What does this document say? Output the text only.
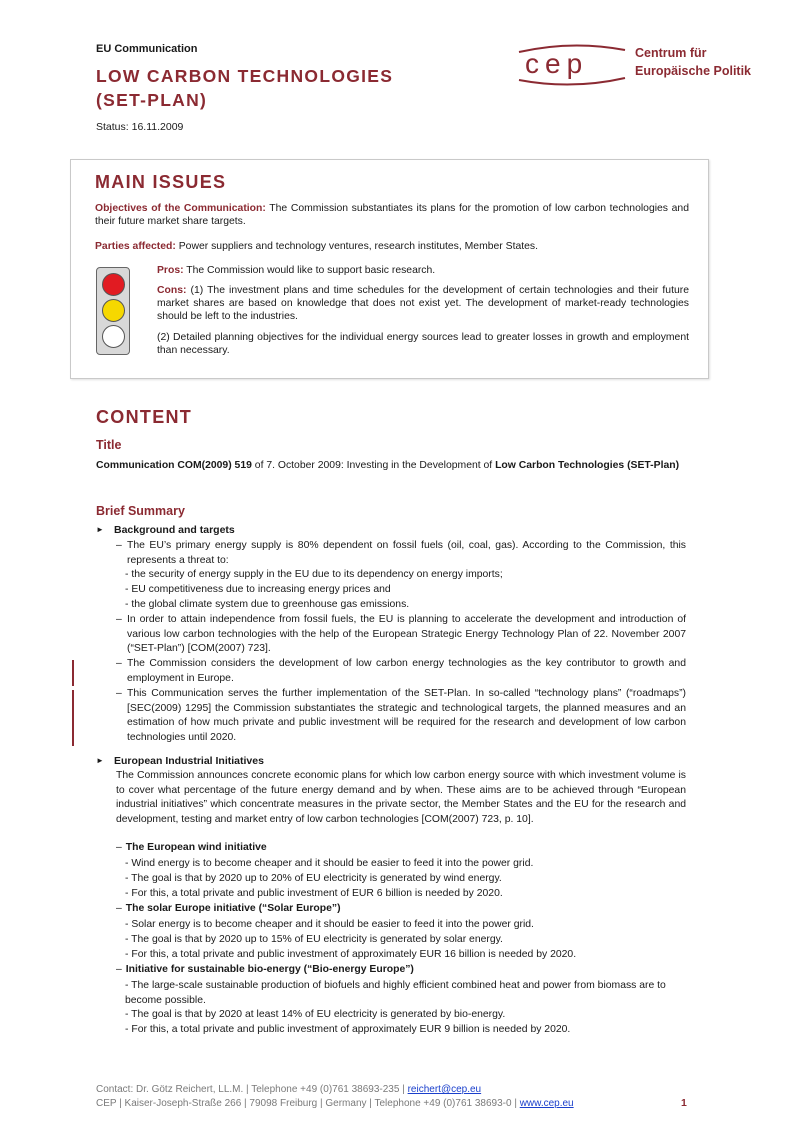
EU Communication
LOW CARBON TECHNOLOGIES
(SET-PLAN)
Status: 16.11.2009
cep	Centrum für
Europäische Politik
MAIN ISSUES
Objectives of the Communication: The Commission substantiates its plans for the promotion of low carbon technologies and their future market share targets.
Parties affected: Power suppliers and technology ventures, research institutes, Member States.
Pros: The Commission would like to support basic research.
Cons: (1) The investment plans and time schedules for the development of certain technologies and their future market shares are based on knowledge that does not exist yet. The development of market-ready technologies should be left to the industries.
(2) Detailed planning objectives for the individual energy sources lead to greater losses in growth and employment than necessary.
CONTENT
Title
Communication COM(2009) 519 of 7. October 2009: Investing in the Development of Low Carbon Technologies (SET-Plan)
Brief Summary
► Background and targets
– The EU’s primary energy supply is 80% dependent on fossil fuels (oil, coal, gas). According to the Commission, this represents a threat to:
- the security of energy supply in the EU due to its dependency on energy imports;
- EU competitiveness due to increasing energy prices and
- the global climate system due to greenhouse gas emissions.
– In order to attain independence from fossil fuels, the EU is planning to accelerate the development and introduction of various low carbon technologies with the help of the European Strategic Energy Technology Plan of 22. November 2007 (“SET-Plan”) [COM(2007) 723].
– The Commission considers the development of low carbon energy technologies as the key contributor to growth and employment in Europe.
– This Communication serves the further implementation of the SET-Plan. In so-called “technology plans” (“roadmaps”) [SEC(2009) 1295] the Commission substantiates the strategic and technological targets, the planned measures and an estimation of how much private and public investment will be required for the research and development of low carbon technologies until 2020.
► European Industrial Initiatives
The Commission announces concrete economic plans for which low carbon energy source with which investment volume is to cover what percentage of the future energy demand and by when. These aims are to be achieved through “European industrial initiatives” which concentrate measures in the private sector, the Member States and the EU for the research and development, testing and market entry of low carbon technologies [COM(2007) 723, p. 10].
– The European wind initiative
- Wind energy is to become cheaper and it should be easier to feed it into the power grid.
- The goal is that by 2020 up to 20% of EU electricity is generated by wind energy.
- For this, a total private and public investment of EUR 6 billion is needed by 2020.
– The solar Europe initiative (“Solar Europe”)
- Solar energy is to become cheaper and it should be easier to feed it into the power grid.
- The goal is that by 2020 up to 15% of EU electricity is generated by solar energy.
- For this, a total private and public investment of approximately EUR 16 billion is needed by 2020.
– Initiative for sustainable bio-energy (“Bio-energy Europe”)
- The large-scale sustainable production of biofuels and highly efficient combined heat and power from biomass are to become possible.
- The goal is that by 2020 at least 14% of EU electricity is generated by bio-energy.
- For this, a total private and public investment of approximately EUR 9 billion is needed by 2020.
Contact: Dr. Götz Reichert, LL.M. | Telephone +49 (0)761 38693-235 | reichert@cep.eu
CEP | Kaiser-Joseph-Straße 266 | 79098 Freiburg | Germany | Telephone +49 (0)761 38693-0 | www.cep.eu	1
